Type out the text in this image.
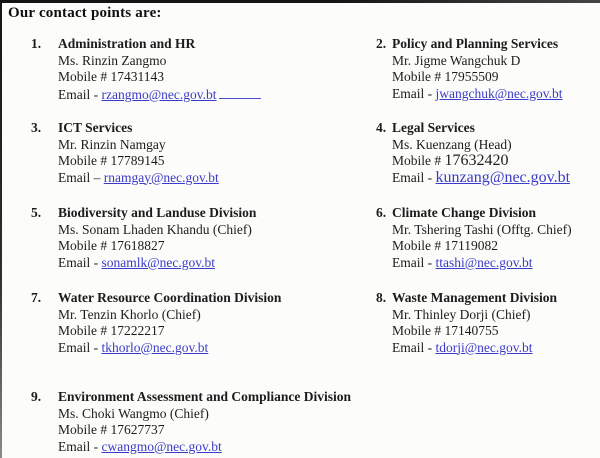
Our contact points are:
1.	Administration and HR
Ms. Rinzin Zangmo
Mobile # 17431143
Email - rzangmo@nec.gov.bt
2. Policy and Planning Services
Mr. Jigme Wangchuk D
Mobile # 17955509
Email - jwangchuk@nec.gov.bt
3.	ICT Services
Mr. Rinzin Namgay
Mobile # 17789145
Email – rnamgay@nec.gov.bt
4. Legal Services
Ms. Kuenzang (Head)
Mobile # 17632420
Email - kunzang@nec.gov.bt
5.	Biodiversity and Landuse Division
Ms. Sonam Lhaden Khandu (Chief)
Mobile # 17618827
Email - sonamlk@nec.gov.bt
6. Climate Change Division
Mr. Tshering Tashi (Offtg. Chief)
Mobile # 17119082
Email - ttashi@nec.gov.bt
7.	Water Resource Coordination Division
Mr. Tenzin Khorlo (Chief)
Mobile # 17222217
Email - tkhorlo@nec.gov.bt
8. Waste Management Division
Mr. Thinley Dorji (Chief)
Mobile # 17140755
Email - tdorji@nec.gov.bt
9.	Environment Assessment and Compliance Division
Ms. Choki Wangmo (Chief)
Mobile # 17627737
Email - cwangmo@nec.gov.bt
